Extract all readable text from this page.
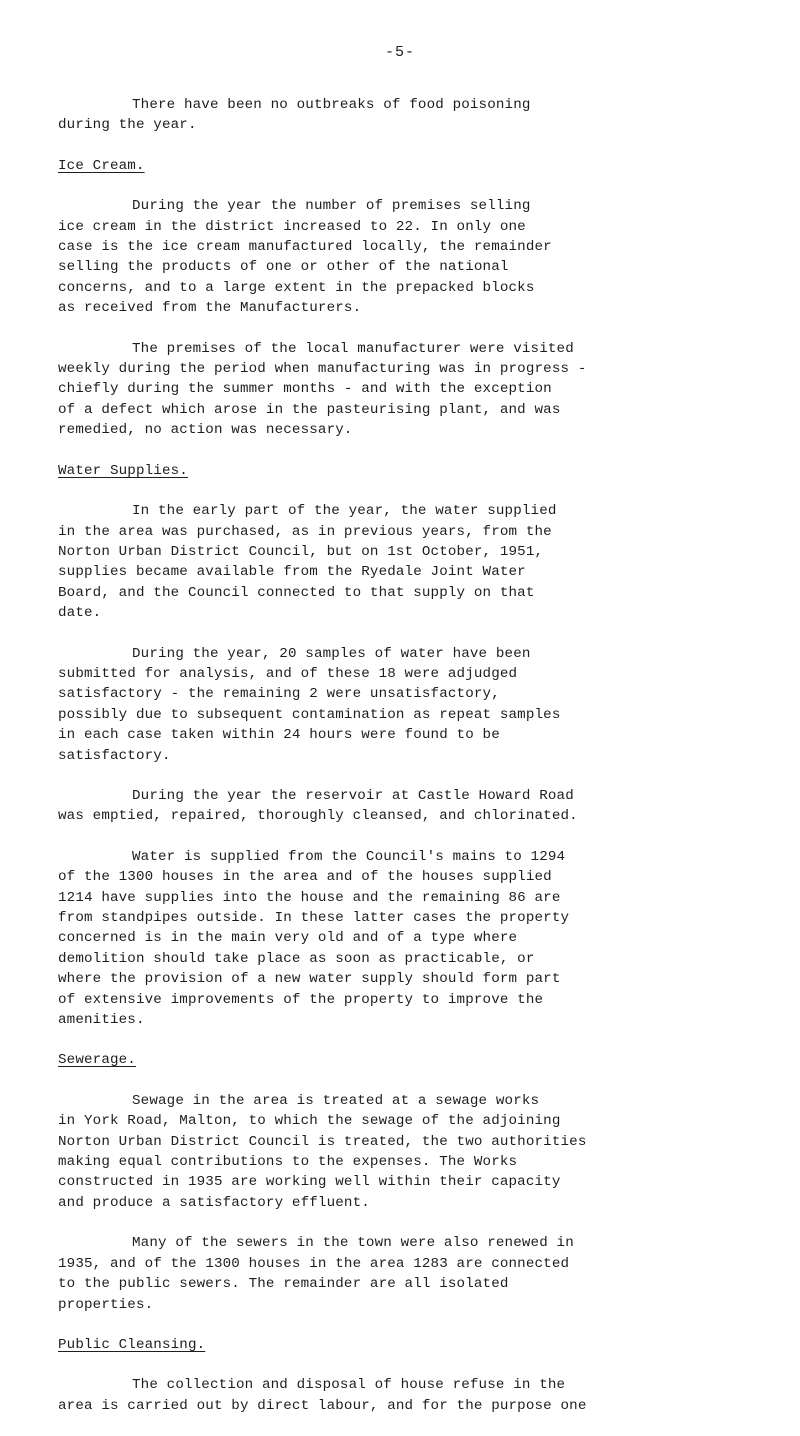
-5-

There have been no outbreaks of food poisoning
during the year.

Ice Cream.

During the year the number of premises selling
ice cream in the district increased to 22. In only one
case is the ice cream manufactured locally, the remainder
selling the products of one or other of the national
concerns, and to a large extent in the prepacked blocks
as received from the Manufacturers.

The premises of the local manufacturer were visited
weekly during the period when manufacturing was in progress -
chiefly during the summer months - and with the exception
of a defect which arose in the pasteurising plant, and was
remedied, no action was necessary.

Water Supplies.

In the early part of the year, the water supplied
in the area was purchased, as in previous years, from the
Norton Urban District Council, but on 1st October, 1951,
supplies became available from the Ryedale Joint Water
Board, and the Council connected to that supply on that
date.

During the year, 20 samples of water have been
submitted for analysis, and of these 18 were adjudged
satisfactory - the remaining 2 were unsatisfactory,
possibly due to subsequent contamination as repeat samples
in each case taken within 24 hours were found to be
satisfactory.

During the year the reservoir at Castle Howard Road
was emptied, repaired, thoroughly cleansed, and chlorinated.

Water is supplied from the Council's mains to 1294
of the 1300 houses in the area and of the houses supplied
1214 have supplies into the house and the remaining 86 are
from standpipes outside. In these latter cases the property
concerned is in the main very old and of a type where
demolition should take place as soon as practicable, or
where the provision of a new water supply should form part
of extensive improvements of the property to improve the
amenities.

Sewerage.

Sewage in the area is treated at a sewage works
in York Road, Malton, to which the sewage of the adjoining
Norton Urban District Council is treated, the two authorities
making equal contributions to the expenses. The Works
constructed in 1935 are working well within their capacity
and produce a satisfactory effluent.

Many of the sewers in the town were also renewed in
1935, and of the 1300 houses in the area 1283 are connected
to the public sewers. The remainder are all isolated
properties.

Public Cleansing.

The collection and disposal of house refuse in the
area is carried out by direct labour, and for the purpose one
